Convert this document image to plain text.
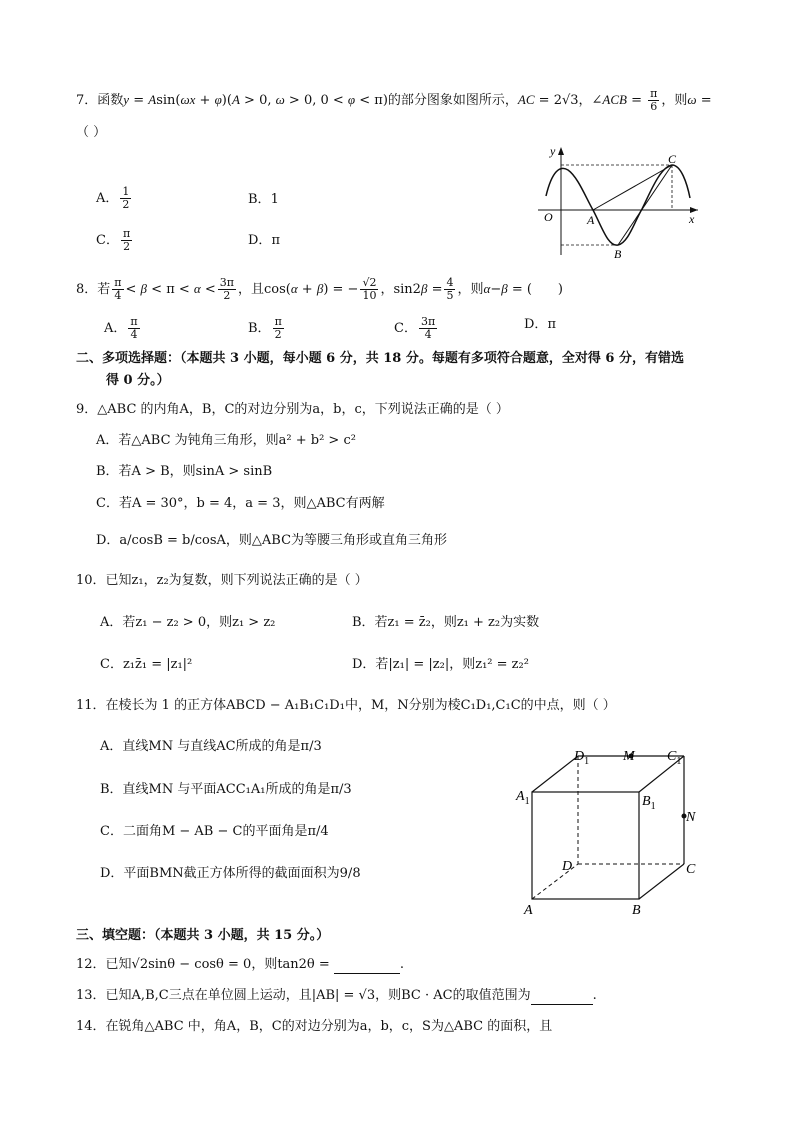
7．函数y = Asin(ωx + φ)(A > 0, ω > 0, 0 < φ < π)的部分图象如图所示，AC = 2√3，∠ACB = $\frac{\pi}{6}$ ，则ω =
（ ）
A． $\frac{1}{2}$	B．1
C． $\frac{\pi}{2}$	D．π
y
x
O	A
B
C
8．若 $\frac{\pi}{4} < \beta < \pi < \alpha < \frac{3\pi}{2}$ ，且cos(α + β) = − $\frac{√2}{10}$ ，$\sin 2\beta = \frac{4}{5}$ ，则α−β = (　　)
A． $\frac{\pi}{4}$	B． $\frac{\pi}{2}$	C． $\frac{3\pi}{4}$	D．π
二、多项选择题：（本题共 3 小题，每小题 6 分，共 18 分。每题有多项符合题意，全对得 6 分，有错选
得 0 分。）
9．△ABC 的内角A，B，C的对边分别为a，b，c，下列说法正确的是（ ）
A．若△ABC 为钝角三角形，则a² + b² > c²
B．若A > B，则sinA > sinB
C．若A = 30°，b = 4，a = 3，则△ABC有两解
D．a/cosB = b/cosA，则△ABC为等腰三角形或直角三角形
10．已知z₁，z₂为复数，则下列说法正确的是（ ）
A．若z₁ − z₂ > 0，则z₁ > z₂	B．若z₁ = z̄₂，则z₁ + z₂为实数
C．z₁z̄₁ = |z₁|²	D．若|z₁| = |z₂|，则z₁² = z₂²
11．在棱长为 1 的正方体ABCD − A₁B₁C₁D₁中，M，N分别为棱C₁D₁,C₁C的中点，则（ ）
A．直线MN 与直线AC所成的角是π/3
B．直线MN 与平面ACC₁A₁所成的角是π/3
C．二面角M − AB − C的平面角是π/4
D．平面BMN截正方体所得的截面面积为9/8
$A_1$	$B_1$
$D_1$	$C_1$
M
N
D	C
A	B
三、填空题：（本题共 3 小题，共 15 分。）
12．已知√2sinθ − cosθ = 0，则tan2θ =	.
13．已知A,B,C三点在单位圆上运动，且|AB| = √3，则BC · AC的取值范围为	.
14．在锐角△ABC 中，角A，B，C的对边分别为a，b，c，S为△ABC 的面积，且
